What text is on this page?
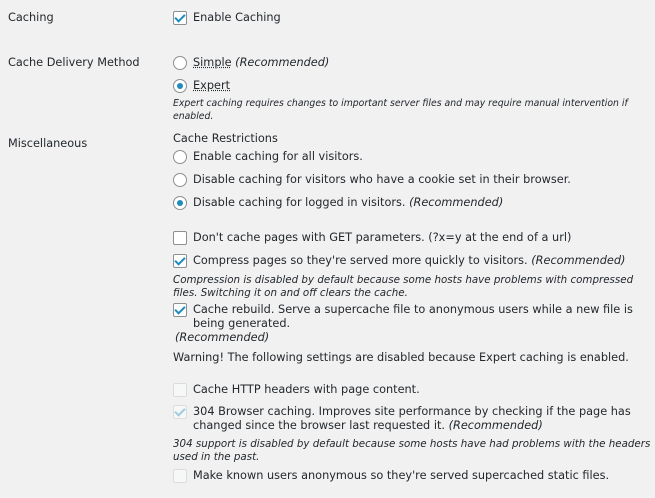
Caching	Enable Caching
Cache Delivery Method	Simple
(Recommended)
Expert
Expert caching requires changes to important server files and may require manual intervention if enabled.
Miscellaneous	Cache Restrictions
Enable caching for all visitors.
Disable caching for visitors who have a cookie set in their browser.
Disable caching for logged in visitors.
(Recommended)
Don't cache pages with GET parameters. (?x=y at the end of a url)
Compress pages so they're served more quickly to visitors. (Recommended)
Compression is disabled by default because some hosts have problems with compressed files. Switching it on and off clears the cache.
Cache rebuild. Serve a supercache file to anonymous users while a new file is being generated.
(Recommended)
Warning! The following settings are disabled because Expert caching is enabled.
Cache HTTP headers with page content.
304 Browser caching. Improves site performance by checking if the page has changed since the browser last requested it. (Recommended)
304 support is disabled by default because some hosts have had problems with the headers used in the past.
Make known users anonymous so they're served supercached static files.
